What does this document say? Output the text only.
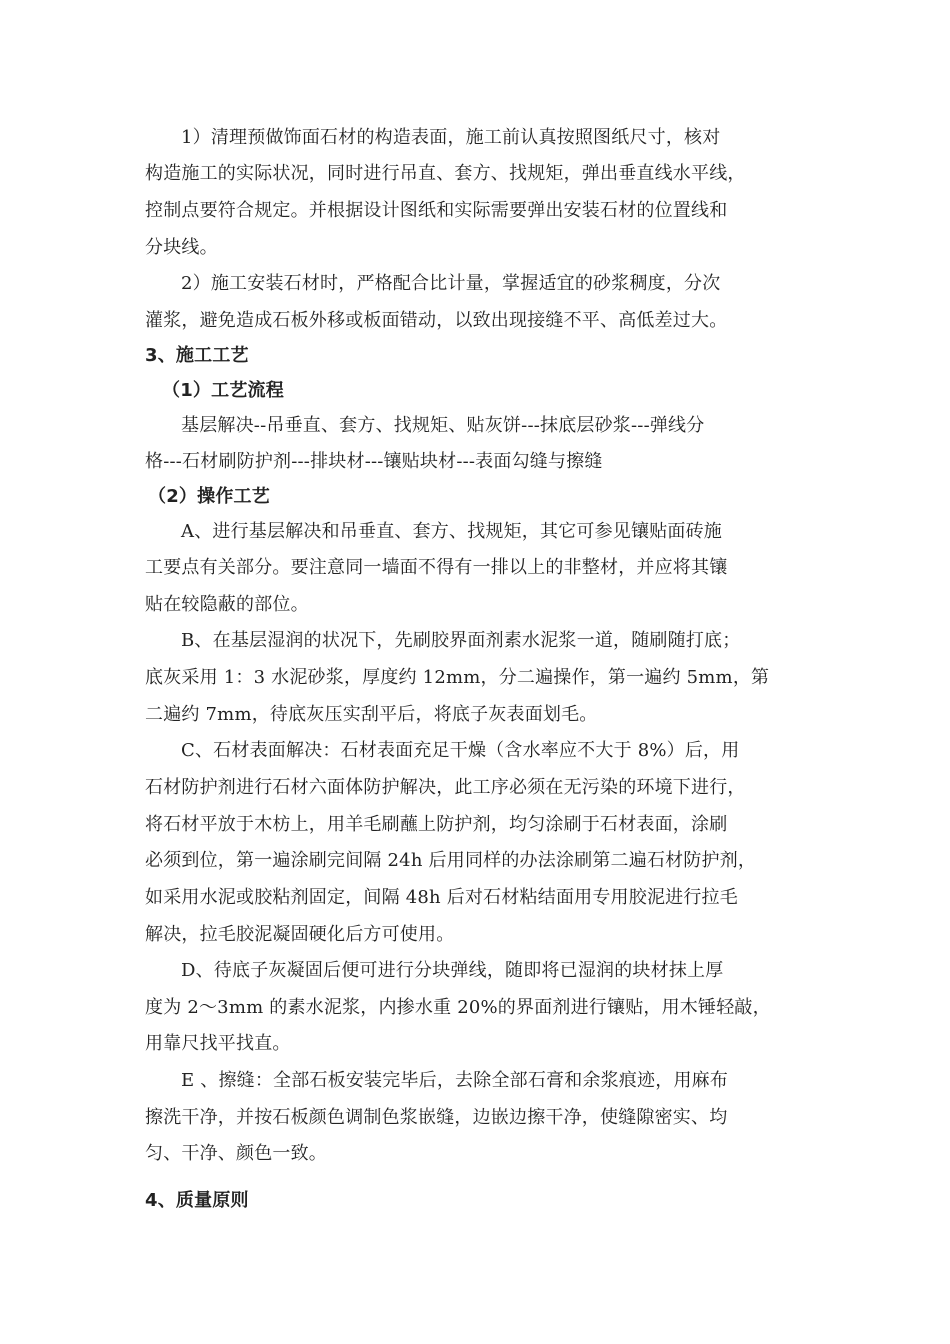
1）清理预做饰面石材的构造表面，施工前认真按照图纸尺寸，核对
构造施工的实际状况，同时进行吊直、套方、找规矩，弹出垂直线水平线，
控制点要符合规定。并根据设计图纸和实际需要弹出安装石材的位置线和
分块线。
2）施工安装石材时，严格配合比计量，掌握适宜的砂浆稠度，分次
灌浆，避免造成石板外移或板面错动，以致出现接缝不平、高低差过大。
3、施工工艺
（1）工艺流程
基层解决--吊垂直、套方、找规矩、贴灰饼---抹底层砂浆---弹线分
格---石材刷防护剂---排块材---镶贴块材---表面勾缝与擦缝
（2）操作工艺
A、进行基层解决和吊垂直、套方、找规矩，其它可参见镶贴面砖施
工要点有关部分。要注意同一墙面不得有一排以上的非整材，并应将其镶
贴在较隐蔽的部位。
B、在基层湿润的状况下，先刷胶界面剂素水泥浆一道，随刷随打底；
底灰采用 1：3 水泥砂浆，厚度约 12mm，分二遍操作，第一遍约 5mm，第
二遍约 7mm，待底灰压实刮平后，将底子灰表面划毛。
C、石材表面解决：石材表面充足干燥（含水率应不大于 8%）后，用
石材防护剂进行石材六面体防护解决，此工序必须在无污染的环境下进行，
将石材平放于木枋上，用羊毛刷蘸上防护剂，均匀涂刷于石材表面，涂刷
必须到位，第一遍涂刷完间隔 24h 后用同样的办法涂刷第二遍石材防护剂，
如采用水泥或胶粘剂固定，间隔 48h 后对石材粘结面用专用胶泥进行拉毛
解决，拉毛胶泥凝固硬化后方可使用。
D、待底子灰凝固后便可进行分块弹线，随即将已湿润的块材抹上厚
度为 2～3mm 的素水泥浆，内掺水重 20%的界面剂进行镶贴，用木锤轻敲，
用靠尺找平找直。
E 、擦缝：全部石板安装完毕后，去除全部石膏和余浆痕迹，用麻布
擦洗干净，并按石板颜色调制色浆嵌缝，边嵌边擦干净，使缝隙密实、均
匀、干净、颜色一致。
4、质量原则
